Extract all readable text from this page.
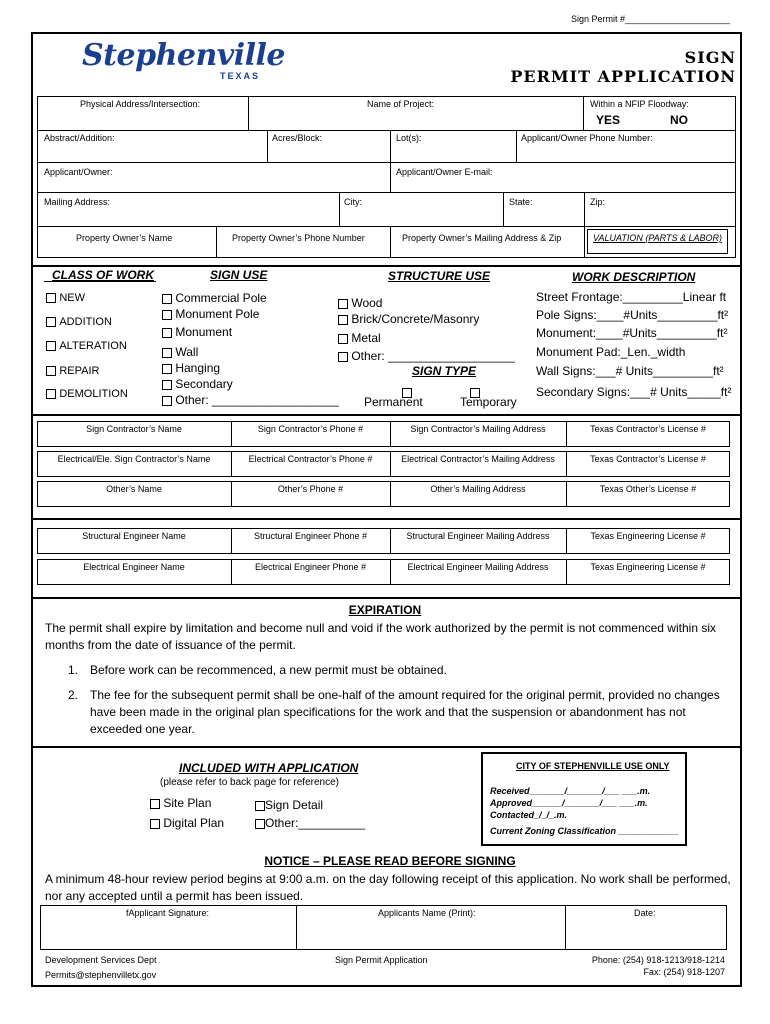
Sign Permit #_____________________
Stephenville
TEXAS
SIGN
PERMIT APPLICATION
Physical Address/Intersection:	Name of Project:	Within a NFIP Floodway:
YES	NO
Abstract/Addition:	Acres/Block:	Lot(s):	Applicant/Owner Phone Number:
Applicant/Owner:	Applicant/Owner E-mail:
Mailing Address:	City:	State:	Zip:
Property Owner’s Name	Property Owner’s Phone Number	Property Owner’s Mailing Address & Zip	VALUATION (PARTS & LABOR)
CLASS OF WORK
NEW
ADDITION
ALTERATION
REPAIR
DEMOLITION
SIGN USE
Commercial Pole
Monument Pole
Monument
Wall
Hanging
Secondary
Other: ___________________
STRUCTURE USE
Wood
Brick/Concrete/Masonry
Metal
Other: ___________________
SIGN TYPE
Permanent	Temporary
WORK DESCRIPTION
Street Frontage:_________Linear ft
Pole Signs:____#Units_________ft²
Monument:____#Units_________ft²
Monument Pad:_Len._width
Wall Signs:___# Units_________ft²
Secondary Signs:___# Units_____ft²
Sign Contractor’s Name	Sign Contractor’s Phone #	Sign Contractor’s Mailing Address	Texas Contractor’s License #
Electrical/Ele. Sign Contractor’s Name	Electrical Contractor’s Phone #	Electrical Contractor’s Mailing Address	Texas Contractor’s License #
Other’s Name	Other’s Phone #	Other’s Mailing Address	Texas Other’s License #
Structural Engineer Name	Structural Engineer Phone #	Structural Engineer Mailing Address	Texas Engineering License #
Electrical Engineer Name	Electrical Engineer Phone #	Electrical Engineer Mailing Address	Texas Engineering License #
EXPIRATION
The permit shall expire by limitation and become null and void if the work authorized by the permit is not commenced within six months from the date of issuance of the permit.
1. Before work can be recommenced, a new permit must be obtained.
2. The fee for the subsequent permit shall be one-half of the amount required for the original permit, provided no changes have been made in the original plan specifications for the work and that the suspension or abandonment has not exceeded one year.
INCLUDED WITH APPLICATION
(please refer to back page for reference)
Site Plan
Digital Plan
Sign Detail
Other:__________
CITY OF STEPHENVILLE USE ONLY
Received_______/_______/___ ___.m.
Approved______/_______/___ ___.m.
Contacted_/_/_.m.
Current Zoning Classification ____________
NOTICE – PLEASE READ BEFORE SIGNING
A minimum 48-hour review period begins at 9:00 a.m. on the day following receipt of this application. No work shall be performed, nor any accepted until a permit has been issued.
fApplicant Signature:	Applicants Name (Print):	Date:
Development Services Dept
Permits@stephenvilletx.gov
Sign Permit Application	Phone: (254) 918-1213/918-1214
Fax: (254) 918-1207
